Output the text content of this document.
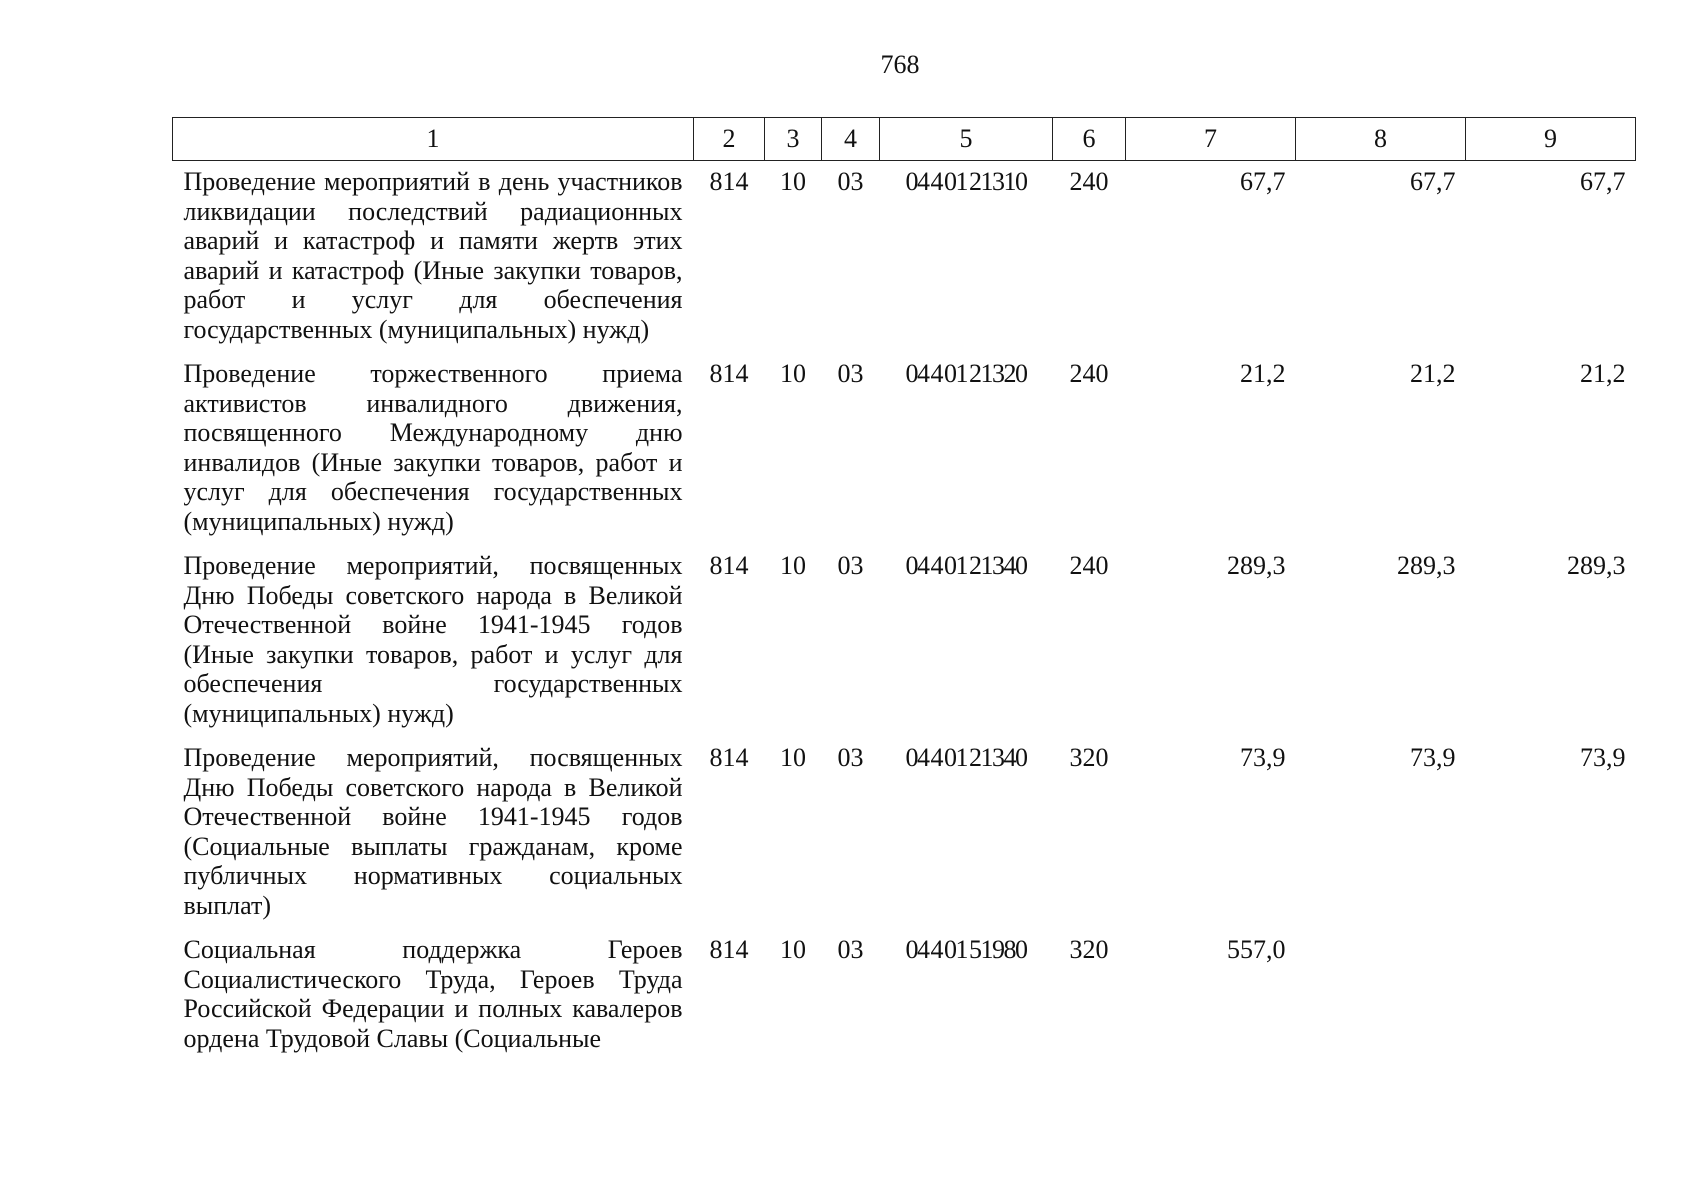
768
1	2	3	4	5	6	7	8	9
Проведение мероприятий в день участников ликвидации последствий радиационных аварий и катастроф и памяти жертв этих аварий и катастроф (Иные закупки товаров, работ и услуг для обеспечения государственных (муниципальных) нужд)	814	10	03	04 4 01 21310	240	67,7	67,7	67,7
Проведение торжественного приема активистов инвалидного движения, посвященного Международному дню инвалидов (Иные закупки товаров, работ и услуг для обеспечения государственных (муниципальных) нужд)	814	10	03	04 4 01 21320	240	21,2	21,2	21,2
Проведение мероприятий, посвященных Дню Победы советского народа в Великой Отечественной войне 1941-1945 годов (Иные закупки товаров, работ и услуг для обеспечения государственных (муниципальных) нужд)	814	10	03	04 4 01 21340	240	289,3	289,3	289,3
Проведение мероприятий, посвященных Дню Победы советского народа в Великой Отечественной войне 1941-1945 годов (Социальные выплаты гражданам, кроме публичных нормативных социальных выплат)	814	10	03	04 4 01 21340	320	73,9	73,9	73,9
Социальная поддержка Героев Социалистического Труда, Героев Труда Российской Федерации и полных кавалеров ордена Трудовой Славы (Социальные	814	10	03	04 4 01 51980	320	557,0		
